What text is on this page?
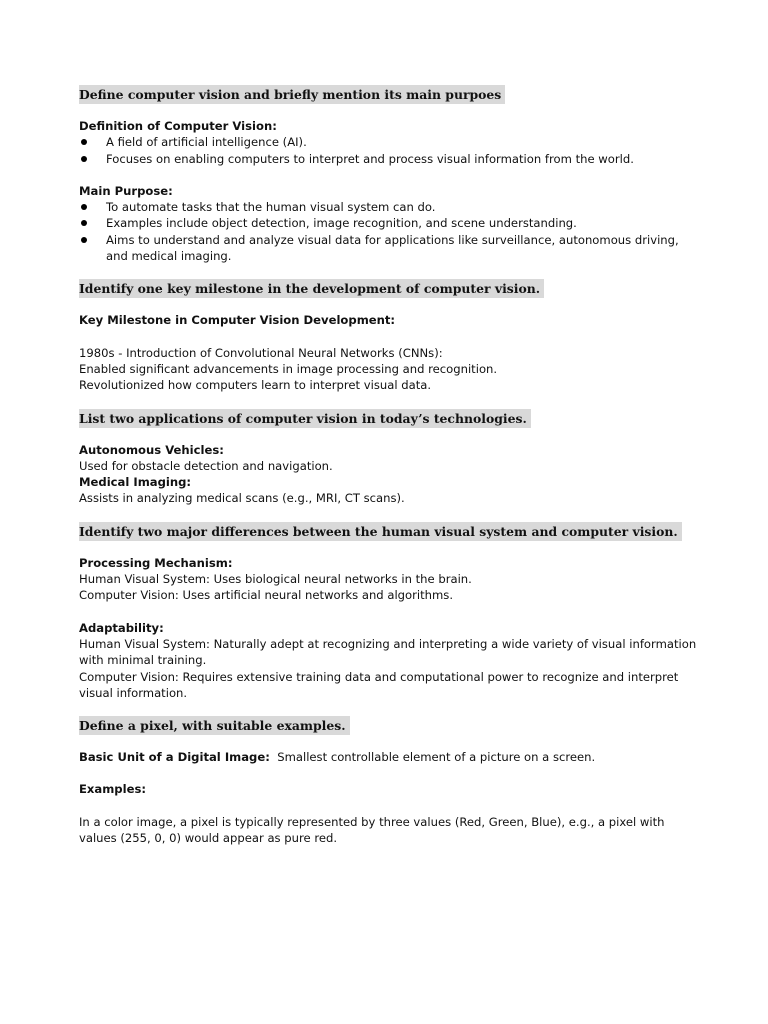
Define computer vision and briefly mention its main purpoes

Definition of Computer Vision:

A field of artificial intelligence (AI).
Focuses on enabling computers to interpret and process visual information from the world.

Main Purpose:

To automate tasks that the human visual system can do.
Examples include object detection, image recognition, and scene understanding.
Aims to understand and analyze visual data for applications like surveillance, autonomous driving, and medical imaging.
Identify one key milestone in the development of computer vision.

Key Milestone in Computer Vision Development:

1980s - Introduction of Convolutional Neural Networks (CNNs):

Enabled significant advancements in image processing and recognition.

Revolutionized how computers learn to interpret visual data.

List two applications of computer vision in today’s technologies.

Autonomous Vehicles:

Used for obstacle detection and navigation.

Medical Imaging:

Assists in analyzing medical scans (e.g., MRI, CT scans).

Identify two major differences between the human visual system and computer vision.

Processing Mechanism:

Human Visual System: Uses biological neural networks in the brain.

Computer Vision: Uses artificial neural networks and algorithms.

Adaptability:

Human Visual System: Naturally adept at recognizing and interpreting a wide variety of visual information with minimal training.

Computer Vision: Requires extensive training data and computational power to recognize and interpret visual information.

Define a pixel, with suitable examples.

Basic Unit of a Digital Image: Smallest controllable element of a picture on a screen.

Examples:

In a color image, a pixel is typically represented by three values (Red, Green, Blue), e.g., a pixel with values (255, 0, 0) would appear as pure red.
